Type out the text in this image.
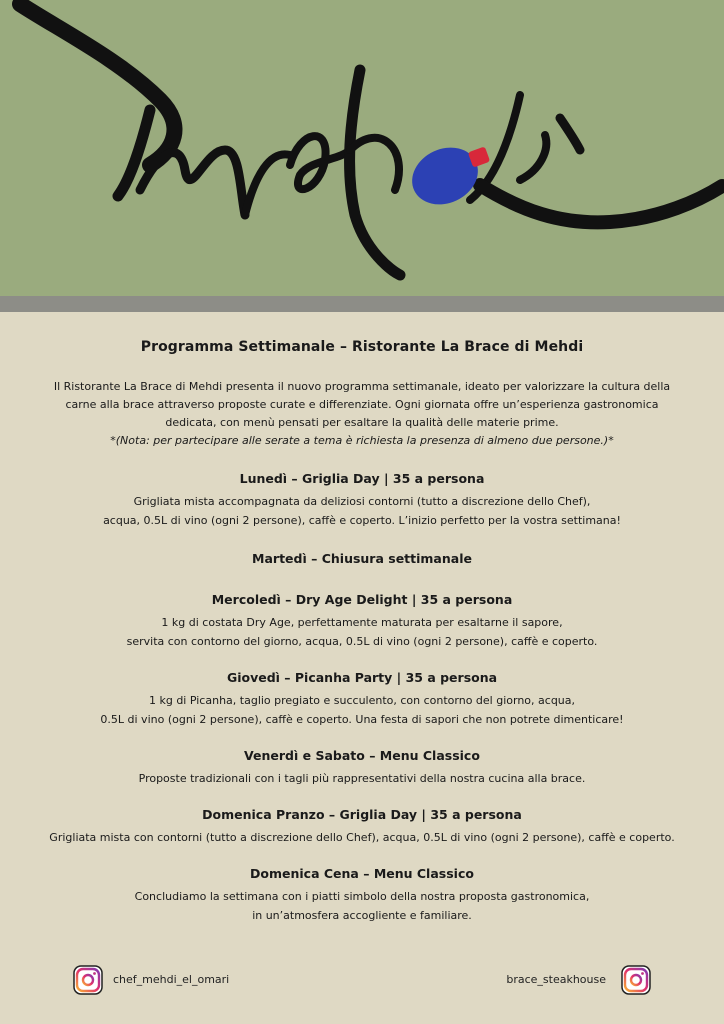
Programma Settimanale – Ristorante La Brace di Mehdi
Il Ristorante La Brace di Mehdi presenta il nuovo programma settimanale, ideato per valorizzare la cultura della
carne alla brace attraverso proposte curate e differenziate. Ogni giornata offre un’esperienza gastronomica
dedicata, con menù pensati per esaltare la qualità delle materie prime.
*(Nota: per partecipare alle serate a tema è richiesta la presenza di almeno due persone.)*
Lunedì – Griglia Day | 35 a persona

Grigliata mista accompagnata da deliziosi contorni (tutto a discrezione dello Chef),
acqua, 0.5L di vino (ogni 2 persone), caffè e coperto. L’inizio perfetto per la vostra settimana!

Martedì – Chiusura settimanale
Mercoledì – Dry Age Delight | 35 a persona

1 kg di costata Dry Age, perfettamente maturata per esaltarne il sapore,
servita con contorno del giorno, acqua, 0.5L di vino (ogni 2 persone), caffè e coperto.

Giovedì – Picanha Party | 35 a persona

1 kg di Picanha, taglio pregiato e succulento, con contorno del giorno, acqua,
0.5L di vino (ogni 2 persone), caffè e coperto. Una festa di sapori che non potrete dimenticare!

Venerdì e Sabato – Menu Classico

Proposte tradizionali con i tagli più rappresentativi della nostra cucina alla brace.

Domenica Pranzo – Griglia Day | 35 a persona

Grigliata mista con contorni (tutto a discrezione dello Chef), acqua, 0.5L di vino (ogni 2 persone), caffè e coperto.

Domenica Cena – Menu Classico

Concludiamo la settimana con i piatti simbolo della nostra proposta gastronomica,
in un’atmosfera accogliente e familiare.

chef_mehdi_el_omari	brace_steakhouse
